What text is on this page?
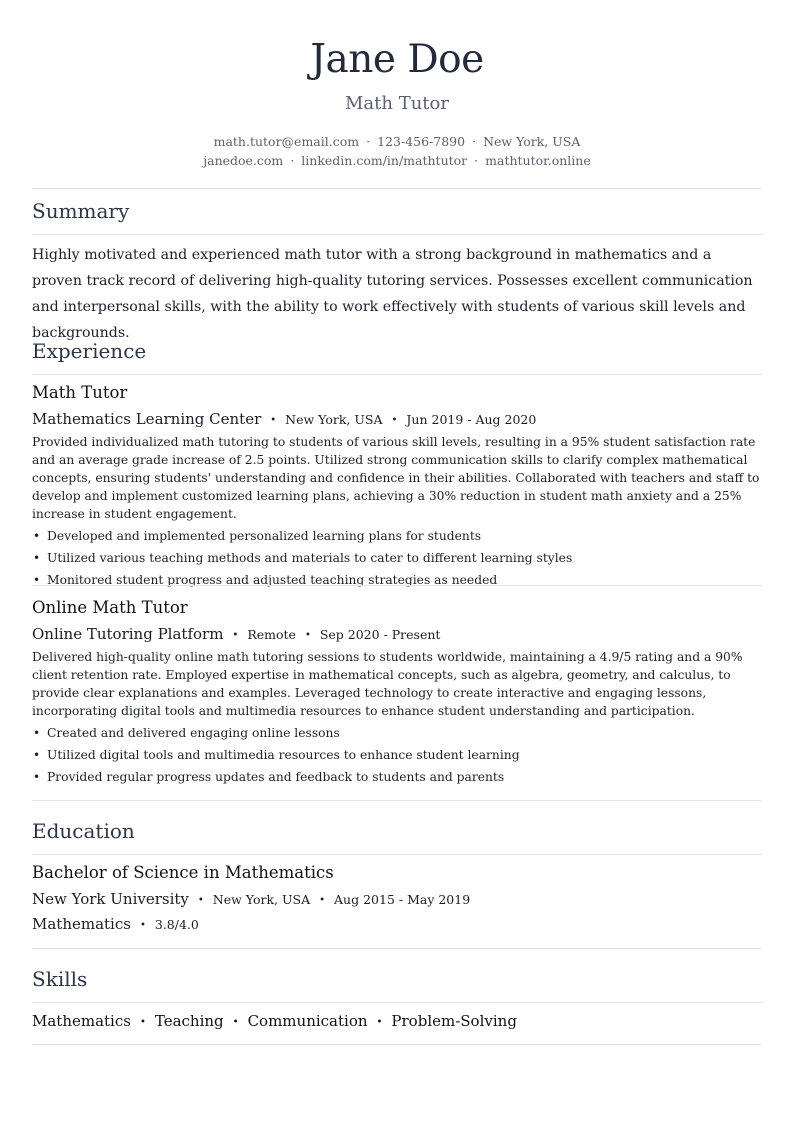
Jane Doe
Math Tutor
math.tutor@email.com · 123-456-7890 · New York, USA
janedoe.com · linkedin.com/in/mathtutor · mathtutor.online
Summary
Highly motivated and experienced math tutor with a strong background in mathematics and a proven track record of delivering high-quality tutoring services. Possesses excellent communication and interpersonal skills, with the ability to work effectively with students of various skill levels and backgrounds.
Experience
Math Tutor
Mathematics Learning Center • New York, USA • Jun 2019 - Aug 2020
Provided individualized math tutoring to students of various skill levels, resulting in a 95% student satisfaction rate and an average grade increase of 2.5 points. Utilized strong communication skills to clarify complex mathematical concepts, ensuring students' understanding and confidence in their abilities. Collaborated with teachers and staff to develop and implement customized learning plans, achieving a 30% reduction in student math anxiety and a 25% increase in student engagement.
• Developed and implemented personalized learning plans for students
• Utilized various teaching methods and materials to cater to different learning styles
• Monitored student progress and adjusted teaching strategies as needed
Online Math Tutor
Online Tutoring Platform • Remote • Sep 2020 - Present
Delivered high-quality online math tutoring sessions to students worldwide, maintaining a 4.9/5 rating and a 90% client retention rate. Employed expertise in mathematical concepts, such as algebra, geometry, and calculus, to provide clear explanations and examples. Leveraged technology to create interactive and engaging lessons, incorporating digital tools and multimedia resources to enhance student understanding and participation.
• Created and delivered engaging online lessons
• Utilized digital tools and multimedia resources to enhance student learning
• Provided regular progress updates and feedback to students and parents
Education
Bachelor of Science in Mathematics
New York University • New York, USA • Aug 2015 - May 2019
Mathematics • 3.8/4.0
Skills
Mathematics • Teaching • Communication • Problem-Solving
